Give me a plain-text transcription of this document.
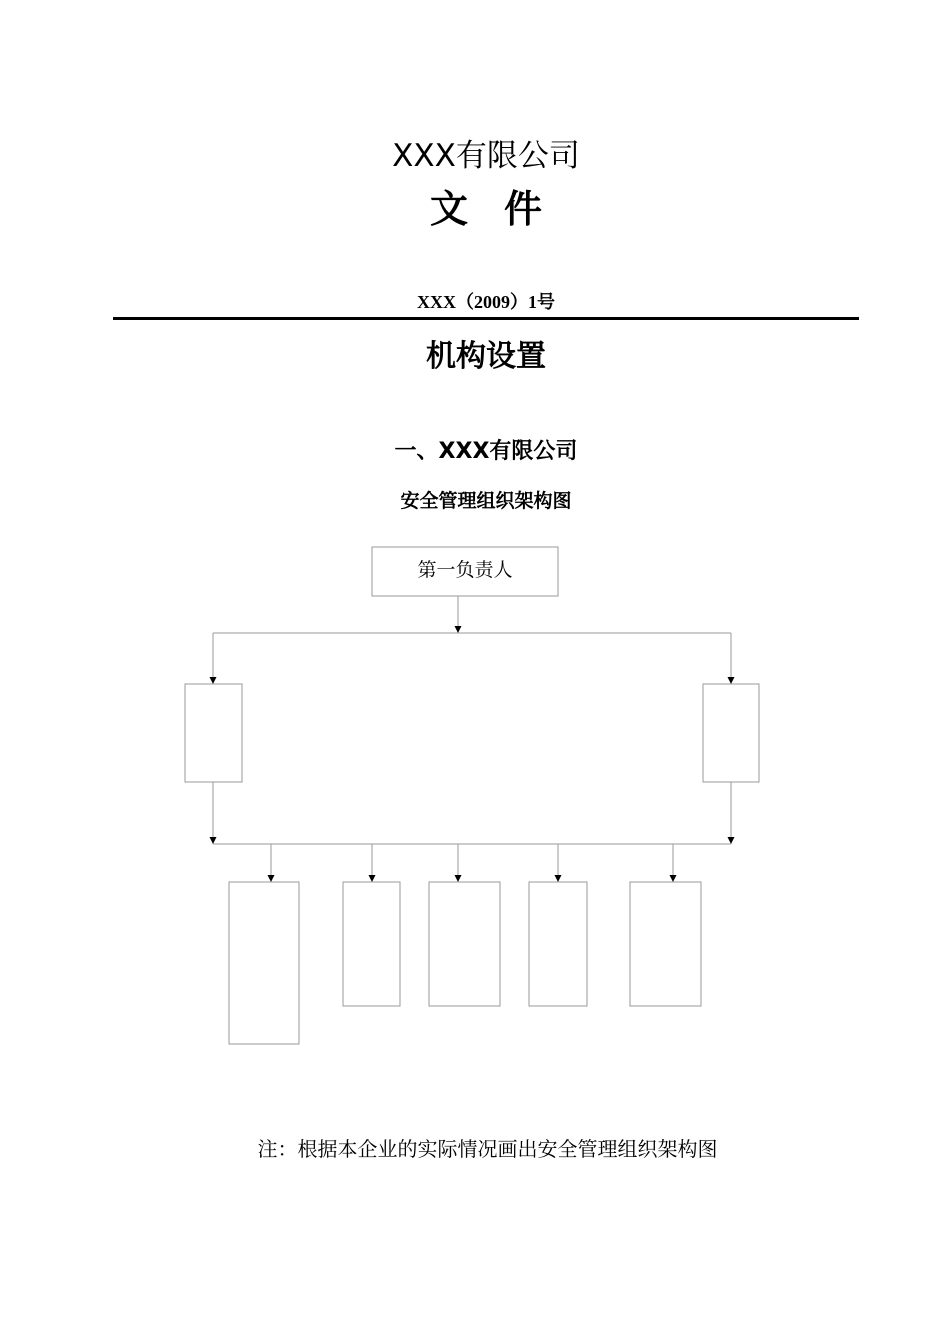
XXX有限公司
文件
XXX（2009）1号
机构设置
一、XXX有限公司
安全管理组织架构图
第一负责人
注：根据本企业的实际情况画出安全管理组织架构图
